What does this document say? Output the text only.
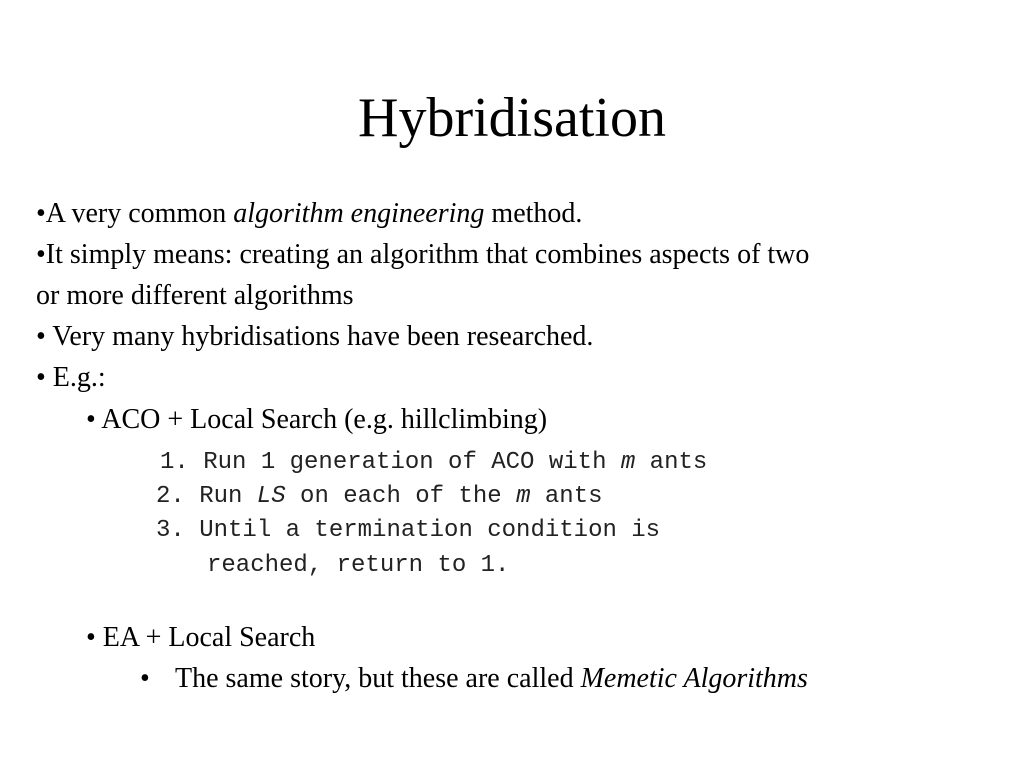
Hybridisation
•A very common algorithm engineering method.
•It simply means: creating an algorithm that combines aspects of two
or more different algorithms
• Very many hybridisations have been researched.
• E.g.:
• ACO + Local Search (e.g. hillclimbing)
1. Run 1 generation of ACO with m ants
2. Run LS on each of the m ants
3. Until a termination condition is
reached, return to 1.
• EA + Local Search
• The same story, but these are called Memetic Algorithms
